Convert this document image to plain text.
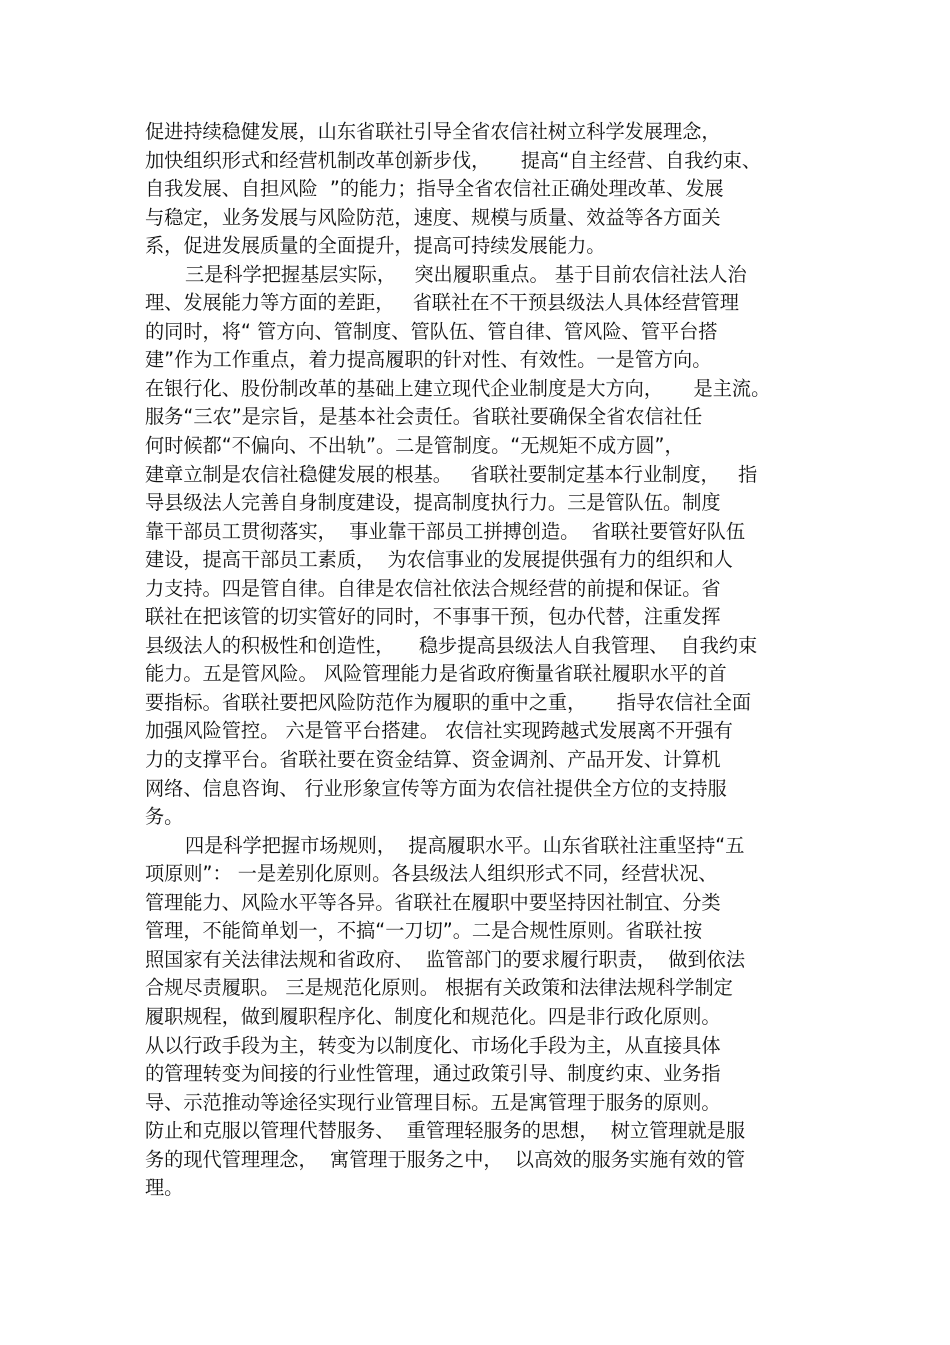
促进持续稳健发展，山东省联社引导全省农信社树立科学发展理念，
加快组织形式和经营机制改革创新步伐，     提高“自主经营、自我约束、
自我发展、自担风险  ”的能力；指导全省农信社正确处理改革、发展
与稳定，业务发展与风险防范，速度、规模与质量、效益等各方面关
系，促进发展质量的全面提升，提高可持续发展能力。
三是科学把握基层实际，   突出履职重点。 基于目前农信社法人治
理、发展能力等方面的差距，   省联社在不干预县级法人具体经营管理
的同时，将“ 管方向、管制度、管队伍、管自律、管风险、管平台搭
建”作为工作重点，着力提高履职的针对性、有效性。一是管方向。
在银行化、股份制改革的基础上建立现代企业制度是大方向，     是主流。
服务“三农”是宗旨，是基本社会责任。省联社要确保全省农信社任
何时候都“不偏向、不出轨”。二是管制度。“无规矩不成方圆”，
建章立制是农信社稳健发展的根基。   省联社要制定基本行业制度，   指
导县级法人完善自身制度建设，提高制度执行力。三是管队伍。制度
靠干部员工贯彻落实，  事业靠干部员工拼搏创造。  省联社要管好队伍
建设，提高干部员工素质，  为农信事业的发展提供强有力的组织和人
力支持。四是管自律。自律是农信社依法合规经营的前提和保证。省
联社在把该管的切实管好的同时，不事事干预，包办代替，注重发挥
县级法人的积极性和创造性，    稳步提高县级法人自我管理、  自我约束
能力。五是管风险。 风险管理能力是省政府衡量省联社履职水平的首
要指标。省联社要把风险防范作为履职的重中之重，     指导农信社全面
加强风险管控。 六是管平台搭建。 农信社实现跨越式发展离不开强有
力的支撑平台。省联社要在资金结算、资金调剂、产品开发、计算机
网络、信息咨询、 行业形象宣传等方面为农信社提供全方位的支持服
务。
四是科学把握市场规则，  提高履职水平。山东省联社注重坚持“五
项原则”： 一是差别化原则。各县级法人组织形式不同，经营状况、
管理能力、风险水平等各异。省联社在履职中要坚持因社制宜、分类
管理，不能简单划一，不搞“一刀切”。二是合规性原则。省联社按
照国家有关法律法规和省政府、  监管部门的要求履行职责，  做到依法
合规尽责履职。 三是规范化原则。 根据有关政策和法律法规科学制定
履职规程，做到履职程序化、制度化和规范化。四是非行政化原则。
从以行政手段为主，转变为以制度化、市场化手段为主，从直接具体
的管理转变为间接的行业性管理，通过政策引导、制度约束、业务指
导、示范推动等途径实现行业管理目标。五是寓管理于服务的原则。
防止和克服以管理代替服务、  重管理轻服务的思想，  树立管理就是服
务的现代管理理念，  寓管理于服务之中，  以高效的服务实施有效的管
理。
